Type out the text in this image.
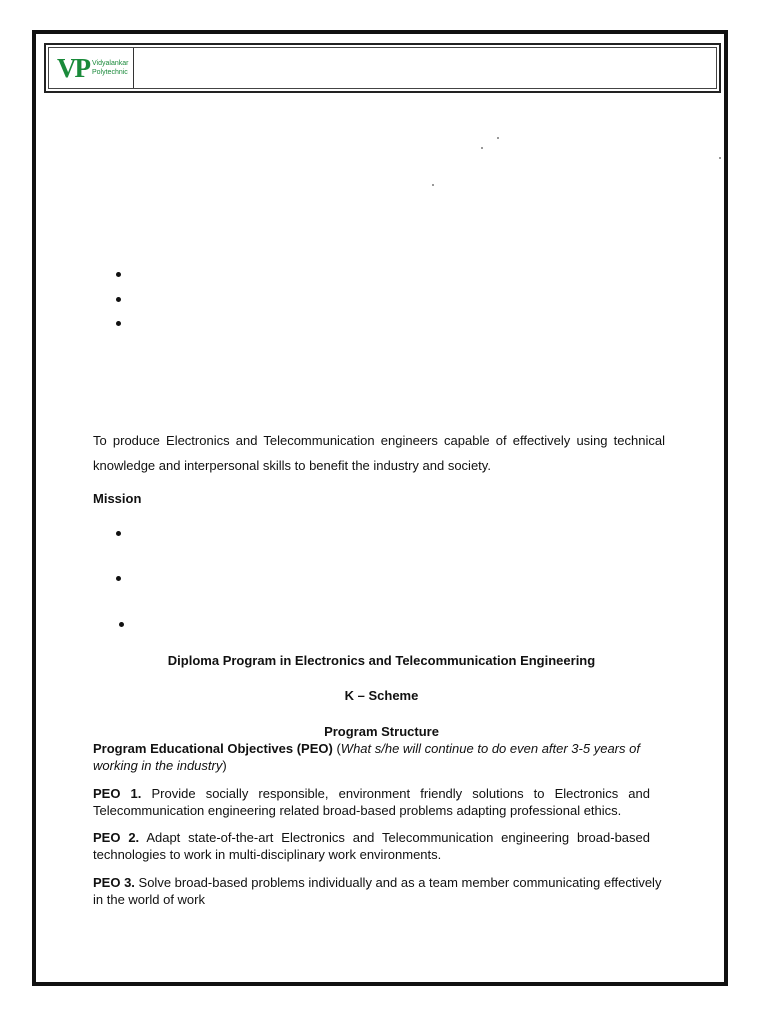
VP Vidyalankar
Polytechnic
To produce Electronics and Telecommunication engineers capable of effectively using technical knowledge and interpersonal skills to benefit the industry and society.
Mission
Diploma Program in Electronics and Telecommunication Engineering
K – Scheme
Program Structure
Program Educational Objectives (PEO) (What s/he will continue to do even after 3-5 years of working in the industry)
PEO 1. Provide socially responsible, environment friendly solutions to Electronics and Telecommunication engineering related broad-based problems adapting professional ethics.
PEO 2. Adapt state-of-the-art Electronics and Telecommunication engineering broad-based technologies to work in multi-disciplinary work environments.
PEO 3. Solve broad-based problems individually and as a team member communicating effectively in the world of work
